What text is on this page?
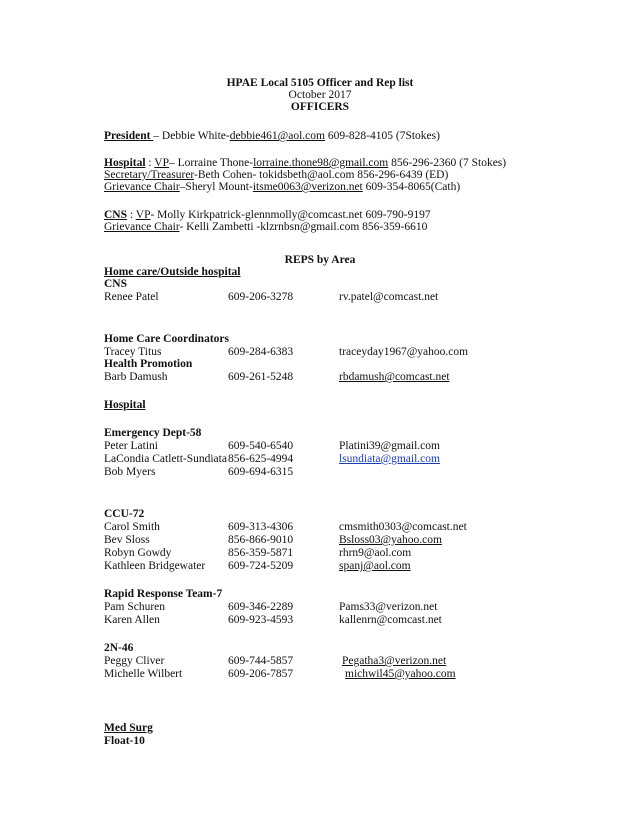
HPAE Local 5105 Officer and Rep list
October 2017
OFFICERS
President – Debbie White-debbie461@aol.com 609-828-4105 (7Stokes)
Hospital : VP– Lorraine Thone-lorraine.thone98@gmail.com 856-296-2360 (7 Stokes)
Secretary/Treasurer-Beth Cohen- tokidsbeth@aol.com 856-296-6439 (ED)
Grievance Chair–Sheryl Mount-itsme0063@verizon.net 609-354-8065(Cath)
CNS : VP- Molly Kirkpatrick-glennmolly@comcast.net 609-790-9197
Grievance Chair- Kelli Zambetti -klzrnbsn@gmail.com 856-359-6610
REPS by Area
Home care/Outside hospital
CNS
Renee Patel	609-206-3278	rv.patel@comcast.net
Home Care Coordinators
Tracey Titus	609-284-6383	traceyday1967@yahoo.com
Health Promotion
Barb Damush	609-261-5248	rbdamush@comcast.net
Hospital
Emergency Dept-58
Peter Latini	609-540-6540	Platini39@gmail.com
LaCondia Catlett-Sundiata 856-625-4994	lsundiata@gmail.com
Bob Myers	609-694-6315
CCU-72
Carol Smith	609-313-4306	cmsmith0303@comcast.net
Bev Sloss	856-866-9010	Bsloss03@yahoo.com
Robyn Gowdy	856-359-5871	rhrn9@aol.com
Kathleen Bridgewater 609-724-5209	spanj@aol.com
Rapid Response Team-7
Pam Schuren	609-346-2289	Pams33@verizon.net
Karen Allen	609-923-4593	kallenrn@comcast.net
2N-46
Peggy Cliver	609-744-5857	Pegatha3@verizon.net
Michelle Wilbert	609-206-7857	michwil45@yahoo.com
Med Surg
Float-10
